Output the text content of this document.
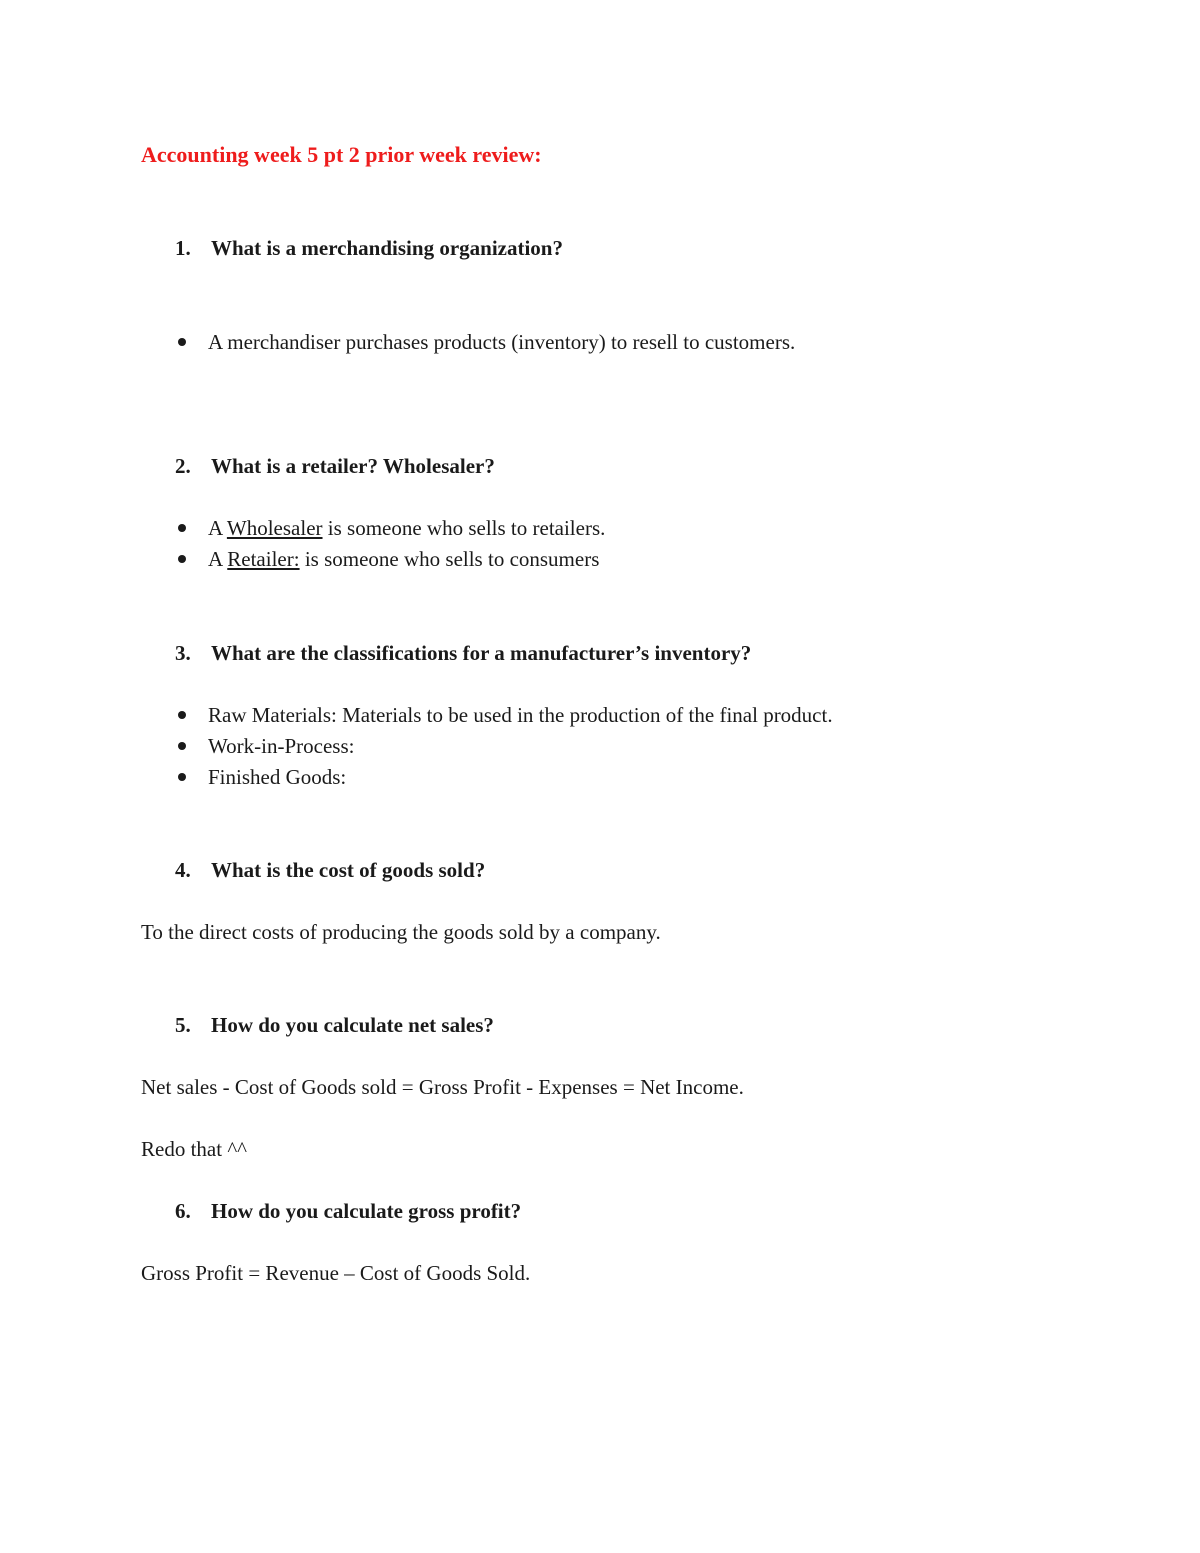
Accounting week 5 pt 2 prior week review:
1. What is a merchandising organization?
A merchandiser purchases products (inventory) to resell to customers.
2. What is a retailer? Wholesaler?
A Wholesaler is someone who sells to retailers.
A Retailer: is someone who sells to consumers
3. What are the classifications for a manufacturer’s inventory?
Raw Materials: Materials to be used in the production of the final product.
Work-in-Process:
Finished Goods:
4. What is the cost of goods sold?
To the direct costs of producing the goods sold by a company.
5. How do you calculate net sales?
Net sales - Cost of Goods sold = Gross Profit - Expenses = Net Income.
Redo that ^^
6. How do you calculate gross profit?
Gross Profit = Revenue – Cost of Goods Sold.
